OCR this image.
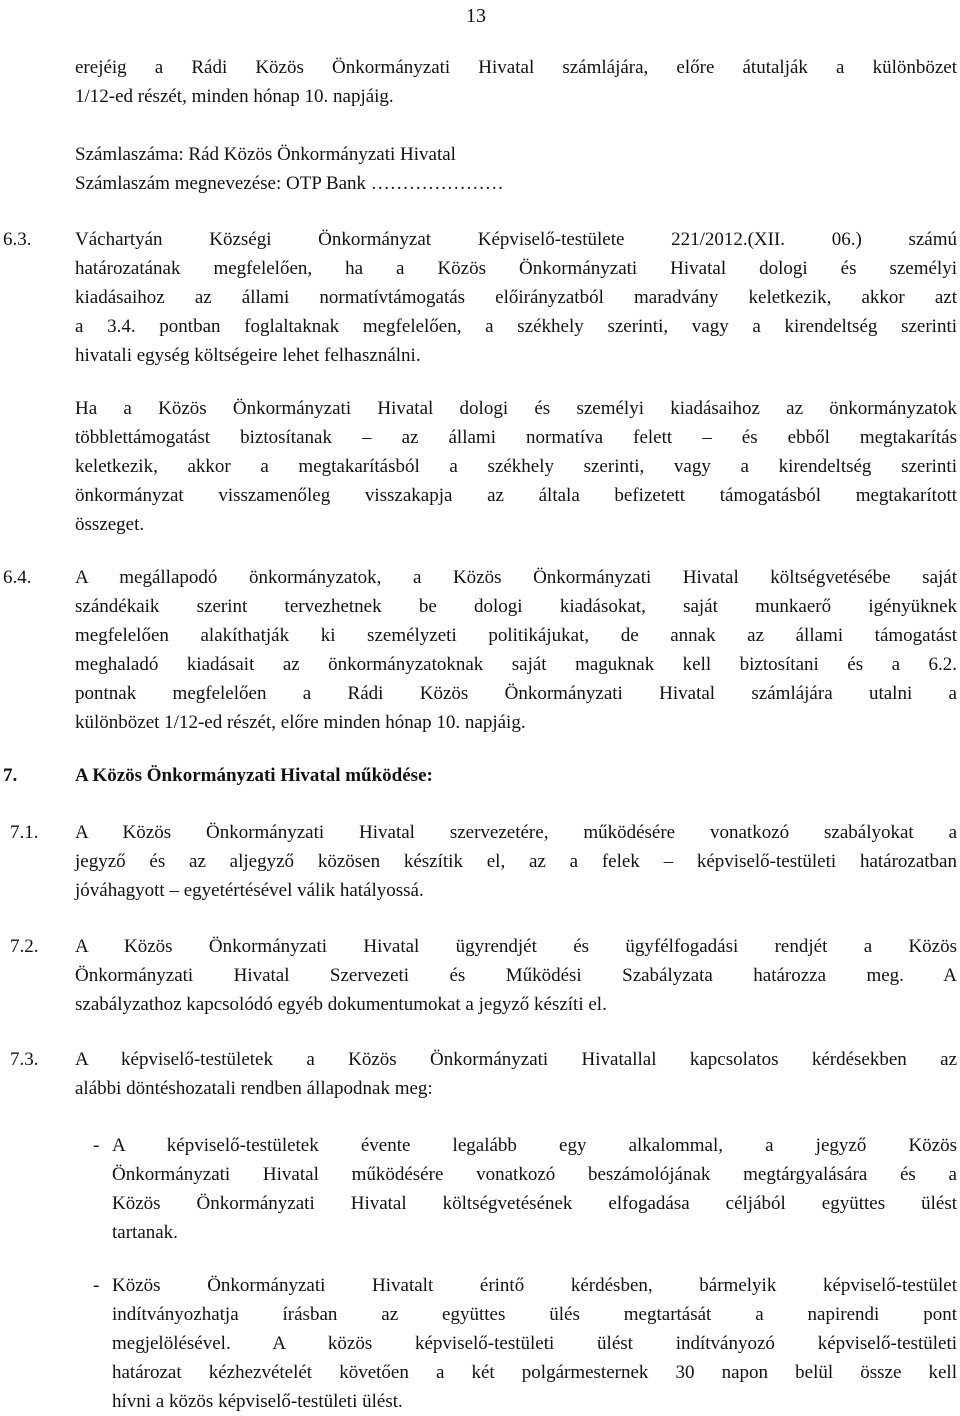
13
erejéig a Rádi Közös Önkormányzati Hivatal számlájára, előre átutalják a különbözet
1/12-ed részét, minden hónap 10. napjáig.
Számlaszáma: Rád Közös Önkormányzati Hivatal
Számlaszám megnevezése: OTP Bank …………………
6.3. Váchartyán Községi Önkormányzat Képviselő-testülete 221/2012.(XII. 06.) számú
határozatának megfelelően, ha a Közös Önkormányzati Hivatal dologi és személyi
kiadásaihoz az állami normatívtámogatás előirányzatból maradvány keletkezik, akkor azt
a 3.4. pontban foglaltaknak megfelelően, a székhely szerinti, vagy a kirendeltség szerinti
hivatali egység költségeire lehet felhasználni.
Ha a Közös Önkormányzati Hivatal dologi és személyi kiadásaihoz az önkormányzatok
többlettámogatást biztosítanak – az állami normatíva felett – és ebből megtakarítás
keletkezik, akkor a megtakarításból a székhely szerinti, vagy a kirendeltség szerinti
önkormányzat visszamenőleg visszakapja az általa befizetett támogatásból megtakarított
összeget.
6.4. A megállapodó önkormányzatok, a Közös Önkormányzati Hivatal költségvetésébe saját
szándékaik szerint tervezhetnek be dologi kiadásokat, saját munkaerő igényüknek
megfelelően alakíthatják ki személyzeti politikájukat, de annak az állami támogatást
meghaladó kiadásait az önkormányzatoknak saját maguknak kell biztosítani és a 6.2.
pontnak megfelelően a Rádi Közös Önkormányzati Hivatal számlájára utalni a
különbözet 1/12-ed részét, előre minden hónap 10. napjáig.
7.	A Közös Önkormányzati Hivatal működése:
7.1. A Közös Önkormányzati Hivatal szervezetére, működésére vonatkozó szabályokat a
jegyző és az aljegyző közösen készítik el, az a felek – képviselő-testületi határozatban
jóváhagyott – egyetértésével válik hatályossá.
7.2. A Közös Önkormányzati Hivatal ügyrendjét és ügyfélfogadási rendjét a Közös
Önkormányzati Hivatal Szervezeti és Működési Szabályzata határozza meg. A
szabályzathoz kapcsolódó egyéb dokumentumokat a jegyző készíti el.
7.3. A képviselő-testületek a Közös Önkormányzati Hivatallal kapcsolatos kérdésekben az
alábbi döntéshozatali rendben állapodnak meg:
- A képviselő-testületek évente legalább egy alkalommal, a jegyző Közös
Önkormányzati Hivatal működésére vonatkozó beszámolójának megtárgyalására és a
Közös Önkormányzati Hivatal költségvetésének elfogadása céljából együttes ülést
tartanak.
- Közös Önkormányzati Hivatalt érintő kérdésben, bármelyik képviselő-testület
indítványozhatja írásban az együttes ülés megtartását a napirendi pont
megjelölésével. A közös képviselő-testületi ülést indítványozó képviselő-testületi
határozat kézhezvételét követően a két polgármesternek 30 napon belül össze kell
hívni a közös képviselő-testületi ülést.
